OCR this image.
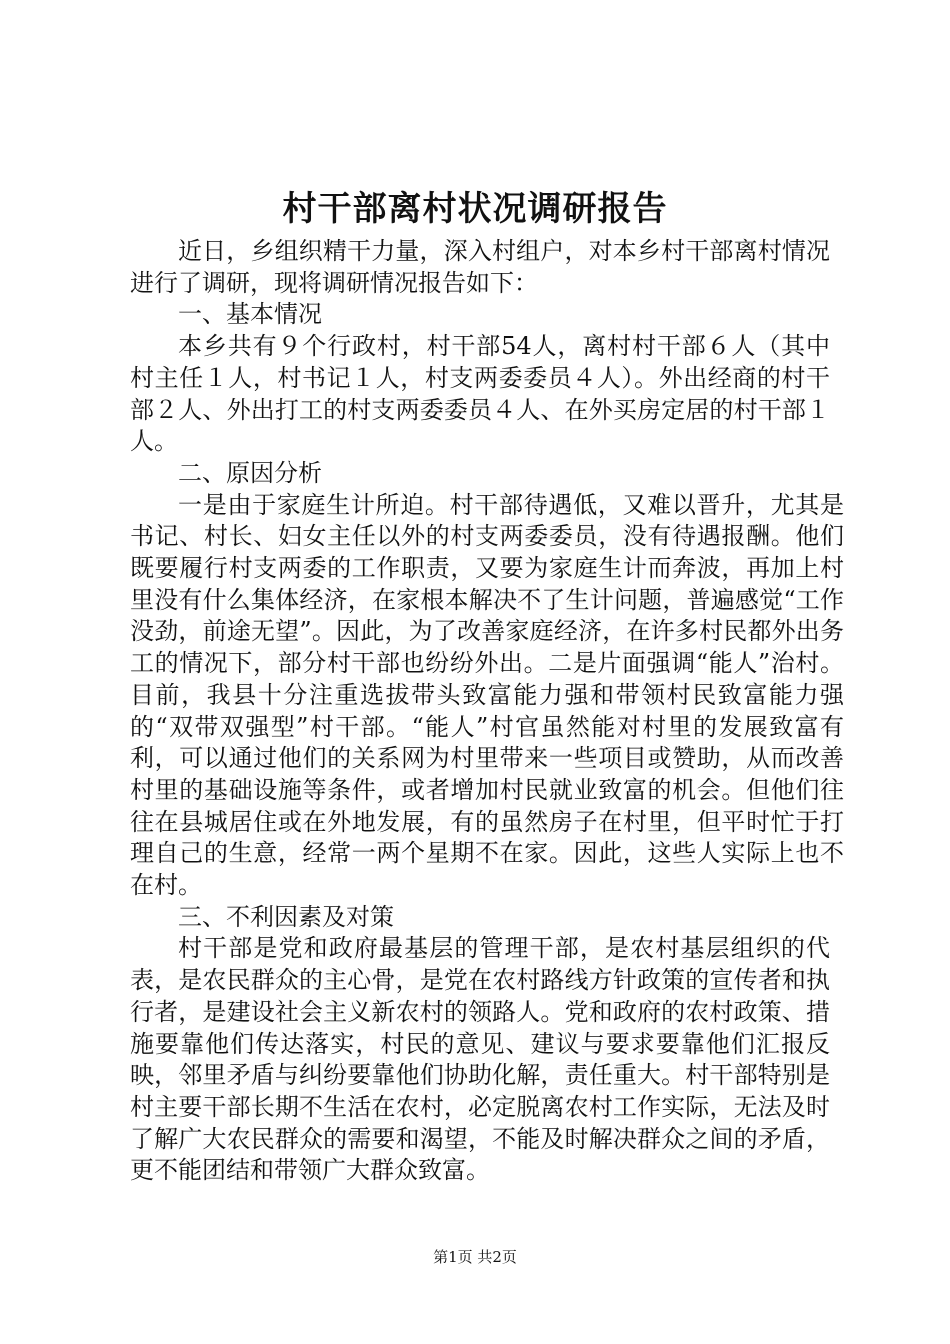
村干部离村状况调研报告

近日，乡组织精干力量，深入村组户，对本乡村干部离村情况进行了调研，现将调研情况报告如下：

一、基本情况

本乡共有９个行政村，村干部54人，离村村干部６人（其中村主任１人，村书记１人，村支两委委员４人）。外出经商的村干部２人、外出打工的村支两委委员４人、在外买房定居的村干部１人。

二、原因分析

一是由于家庭生计所迫。村干部待遇低，又难以晋升，尤其是书记、村长、妇女主任以外的村支两委委员，没有待遇报酬。他们既要履行村支两委的工作职责，又要为家庭生计而奔波，再加上村里没有什么集体经济，在家根本解决不了生计问题，普遍感觉“工作没劲，前途无望”。因此，为了改善家庭经济，在许多村民都外出务工的情况下，部分村干部也纷纷外出。二是片面强调“能人”治村。目前，我县十分注重选拔带头致富能力强和带领村民致富能力强的“双带双强型”村干部。“能人”村官虽然能对村里的发展致富有利，可以通过他们的关系网为村里带来一些项目或赞助，从而改善村里的基础设施等条件，或者增加村民就业致富的机会。但他们往往在县城居住或在外地发展，有的虽然房子在村里，但平时忙于打理自己的生意，经常一两个星期不在家。因此，这些人实际上也不在村。

三、不利因素及对策

村干部是党和政府最基层的管理干部，是农村基层组织的代表，是农民群众的主心骨，是党在农村路线方针政策的宣传者和执行者，是建设社会主义新农村的领路人。党和政府的农村政策、措施要靠他们传达落实，村民的意见、建议与要求要靠他们汇报反映，邻里矛盾与纠纷要靠他们协助化解，责任重大。村干部特别是村主要干部长期不生活在农村，必定脱离农村工作实际，无法及时了解广大农民群众的需要和渴望，不能及时解决群众之间的矛盾，更不能团结和带领广大群众致富。

第1页 共2页
